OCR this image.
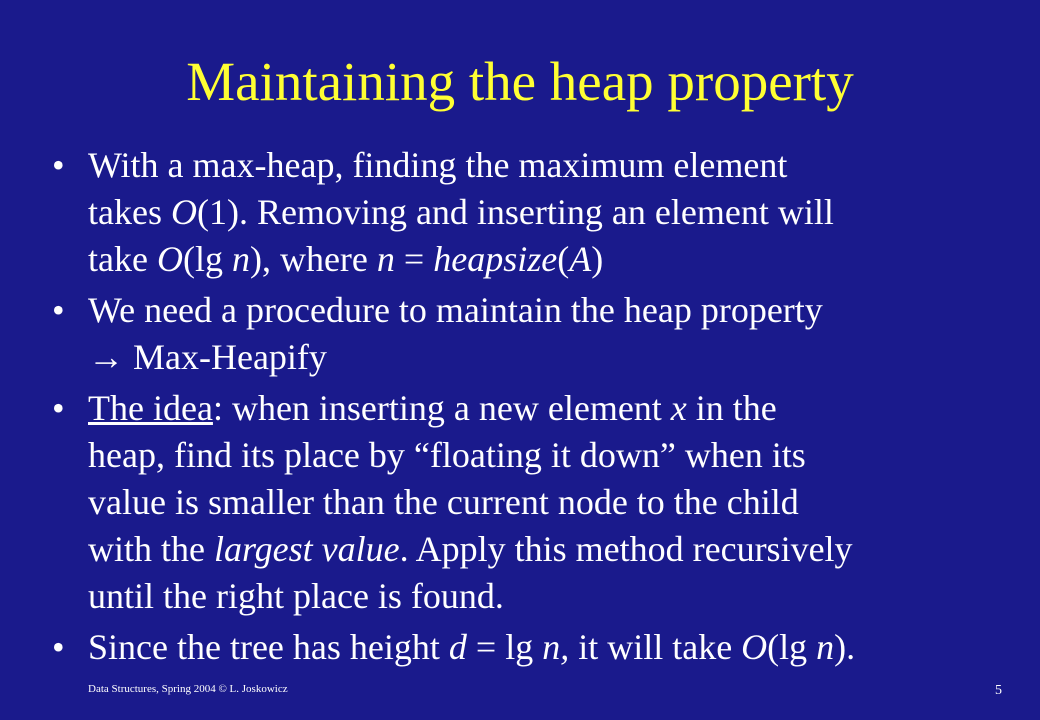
Maintaining the heap property
• With a max-heap, finding the maximum element
takes O(1). Removing and inserting an element will
take O(lg n), where n = heapsize(A)
• We need a procedure to maintain the heap property
→ Max-Heapify
• The idea: when inserting a new element x in the
heap, find its place by “floating it down” when its
value is smaller than the current node to the child
with the largest value. Apply this method recursively
until the right place is found.
• Since the tree has height d = lg n, it will take O(lg n).
Data Structures, Spring 2004 © L. Joskowicz	5
